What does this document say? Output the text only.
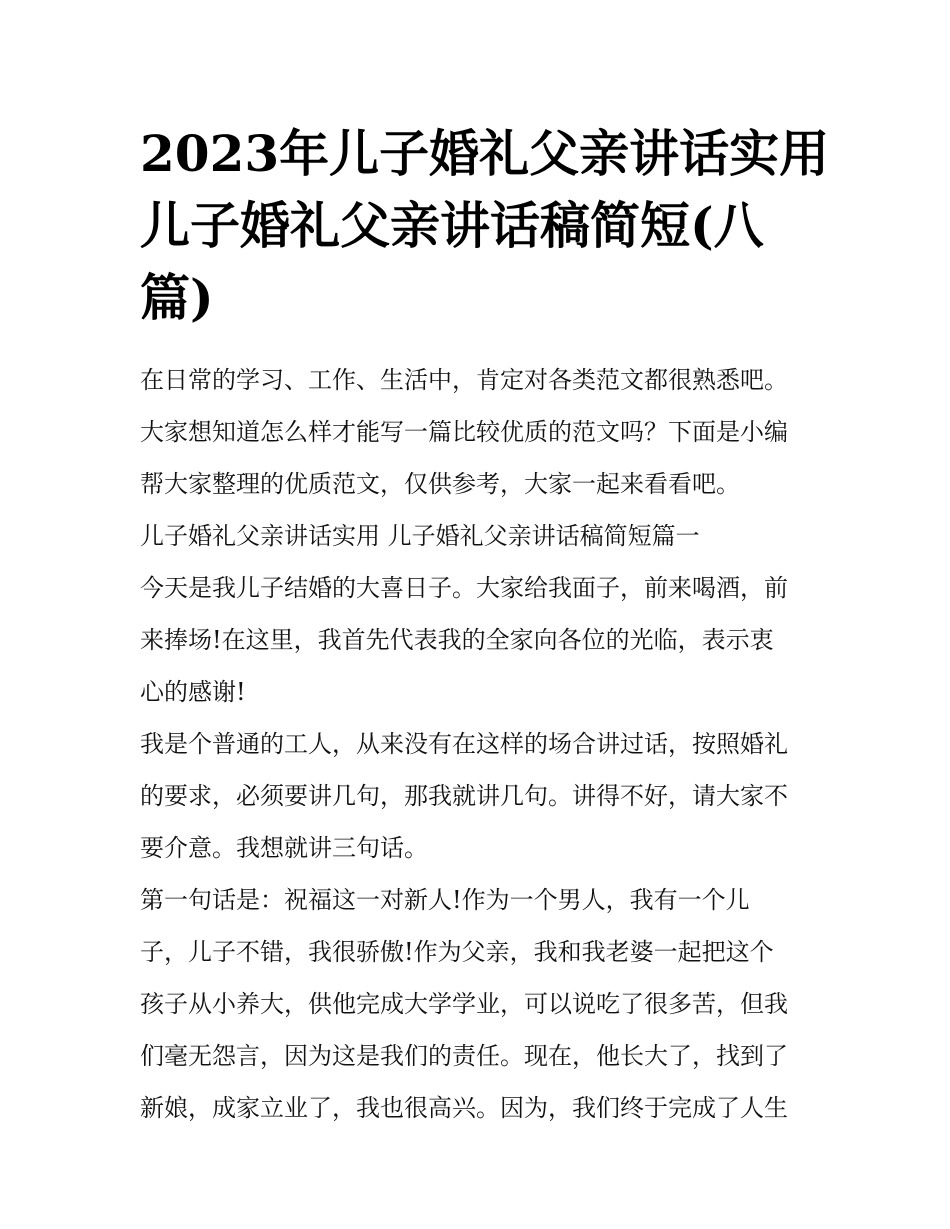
2023年儿子婚礼父亲讲话实用
儿子婚礼父亲讲话稿简短(八
篇)
在日常的学习、工作、生活中，肯定对各类范文都很熟悉吧。
大家想知道怎么样才能写一篇比较优质的范文吗？下面是小编
帮大家整理的优质范文，仅供参考，大家一起来看看吧。
儿子婚礼父亲讲话实用 儿子婚礼父亲讲话稿简短篇一
今天是我儿子结婚的大喜日子。大家给我面子，前来喝酒，前
来捧场!在这里，我首先代表我的全家向各位的光临，表示衷
心的感谢!
我是个普通的工人，从来没有在这样的场合讲过话，按照婚礼
的要求，必须要讲几句，那我就讲几句。讲得不好，请大家不
要介意。我想就讲三句话。
第一句话是：祝福这一对新人!作为一个男人，我有一个儿
子，儿子不错，我很骄傲!作为父亲，我和我老婆一起把这个
孩子从小养大，供他完成大学学业，可以说吃了很多苦，但我
们毫无怨言，因为这是我们的责任。现在，他长大了，找到了
新娘，成家立业了，我也很高兴。因为，我们终于完成了人生
